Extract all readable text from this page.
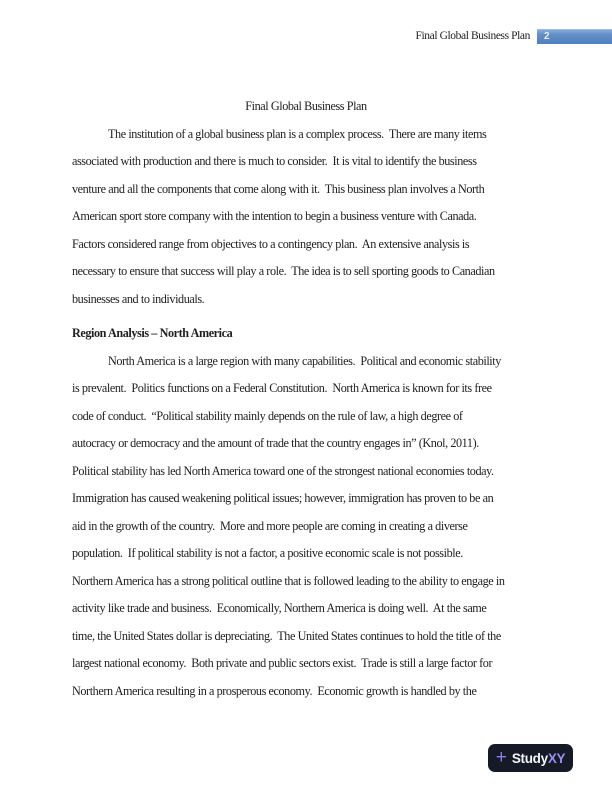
Final Global Business Plan 2
Final Global Business Plan
The institution of a global business plan is a complex process.  There are many items
associated with production and there is much to consider.  It is vital to identify the business
venture and all the components that come along with it.  This business plan involves a North
American sport store company with the intention to begin a business venture with Canada.
Factors considered range from objectives to a contingency plan.  An extensive analysis is
necessary to ensure that success will play a role.  The idea is to sell sporting goods to Canadian
businesses and to individuals.
Region Analysis – North America
North America is a large region with many capabilities.  Political and economic stability
is prevalent.  Politics functions on a Federal Constitution.  North America is known for its free
code of conduct.  “Political stability mainly depends on the rule of law, a high degree of
autocracy or democracy and the amount of trade that the country engages in” (Knol, 2011).
Political stability has led North America toward one of the strongest national economies today.
Immigration has caused weakening political issues; however, immigration has proven to be an
aid in the growth of the country.  More and more people are coming in creating a diverse
population.  If political stability is not a factor, a positive economic scale is not possible.
Northern America has a strong political outline that is followed leading to the ability to engage in
activity like trade and business.  Economically, Northern America is doing well.  At the same
time, the United States dollar is depreciating.  The United States continues to hold the title of the
largest national economy.  Both private and public sectors exist.  Trade is still a large factor for
Northern America resulting in a prosperous economy.  Economic growth is handled by the
+ Study XY
